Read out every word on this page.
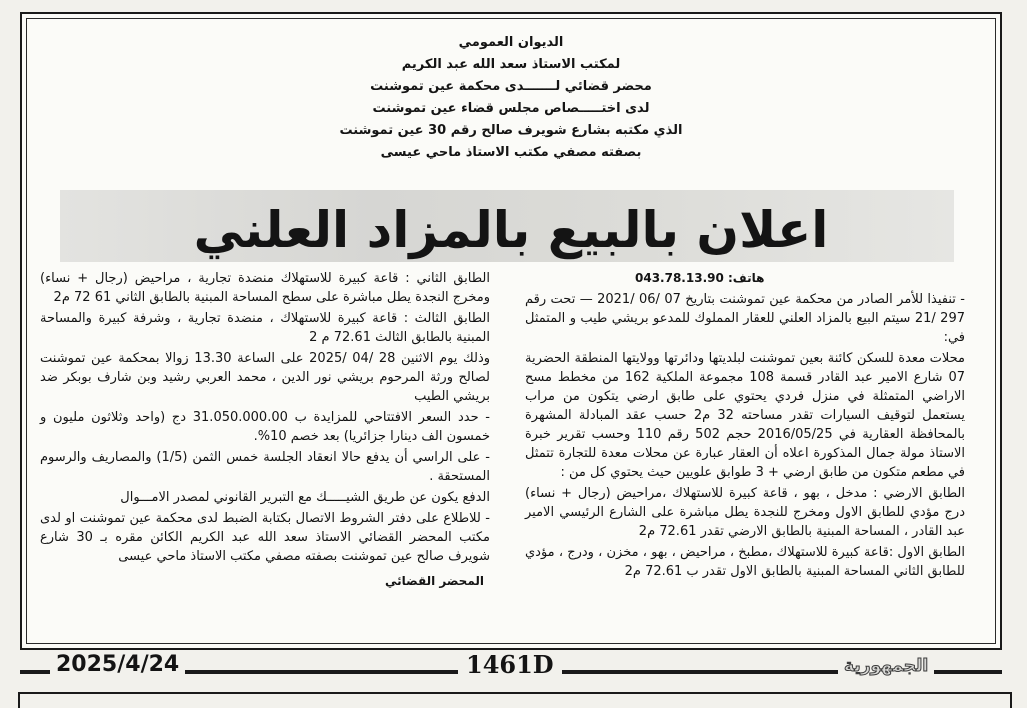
الديوان العمومي
لمكتب الاستاذ سعد الله عبد الكريم
محضر قضائي لـــــــدى محكمة عين تموشنت
لدى اختـــــصاص مجلس قضاء عين تموشنت
الذي مكتبه بشارع شويرف صالح رقم 30 عين تموشنت
بصفته مصفي مكتب الاستاذ ماحي عيسى
اعلان بالبيع بالمزاد العلني
هاتف: 043.78.13.90

- تنفيذا للأمر الصادر من محكمة عين تموشنت بتاريخ 07 /06 /2021 — تحت رقم 297 /21 سيتم البيع بالمزاد العلني للعقار المملوك للمدعو بريشي طيب و المتمثل في:

محلات معدة للسكن كائنة بعين تموشنت لبلديتها ودائرتها وولايتها المنطقة الحضرية 07 شارع الامير عبد القادر قسمة 108 مجموعة الملكية 162 من مخطط مسح الاراضي المتمثلة في منزل فردي يحتوي على طابق ارضي يتكون من مراب يستعمل لتوقيف السيارات تقدر مساحته 32 م2 حسب عقد المبادلة المشهرة بالمحافظة العقارية في 2016/05/25 حجم 502 رقم 110 وحسب تقرير خبرة الاستاذ مولة جمال المذكورة اعلاه أن العقار عبارة عن محلات معدة للتجارة تتمثل في مطعم متكون من طابق ارضي + 3 طوابق علويين حيث يحتوي كل من :

الطابق الارضي : مدخل ، بهو ، قاعة كبيرة للاستهلاك ،مراحيض (رجال + نساء) درج مؤدي للطابق الاول ومخرج للنجدة يطل مباشرة على الشارع الرئيسي الامير عبد القادر ، المساحة المبنية بالطابق الارضي تقدر 72.61 م2

الطابق الاول :قاعة كبيرة للاستهلاك ،مطبخ ، مراحيض ، بهو ، مخزن ، ودرج ، مؤدي للطابق الثاني المساحة المبنية بالطابق الاول تقدر ب 72.61 م2

الطابق الثاني : قاعة كبيرة للاستهلاك منضدة تجارية ، مراحيض (رجال + نساء) ومخرج النجدة يطل مباشرة على سطح المساحة المبنية بالطابق الثاني 61 72 م2

الطابق الثالث : قاعة كبيرة للاستهلاك ، منضدة تجارية ، وشرفة كبيرة والمساحة المبنية بالطابق الثالث 72.61 م 2

وذلك يوم الاثنين 28 /04 /2025 على الساعة 13.30 زوالا بمحكمة عين تموشنت لصالح ورثة المرحوم بريشي نور الدين ، محمد العربي رشيد وبن شارف بوبكر ضد بريشي الطيب

- حدد السعر الافتتاحي للمزايدة ب 31.050.000.00 دج (واحد وثلاثون مليون و خمسون الف دينارا جزائريا) بعد خصم 10%.

- على الراسي أن يدفع حالا انعقاد الجلسة خمس الثمن (1/5) والمصاريف والرسوم المستحقة .

الدفع يكون عن طريق الشيـــــك مع التبرير القانوني لمصدر الامـــوال

- للاطلاع على دفتر الشروط الاتصال بكتابة الضبط لدى محكمة عين تموشنت او لدى مكتب المحضر القضائي الاستاذ سعد الله عبد الكريم الكائن مقره بـ 30 شارع شويرف صالح عين تموشنت بصفته مصفي مكتب الاستاذ ماحي عيسى

المحضر القضائي
2025/4/24	1461D	الجمهورية
